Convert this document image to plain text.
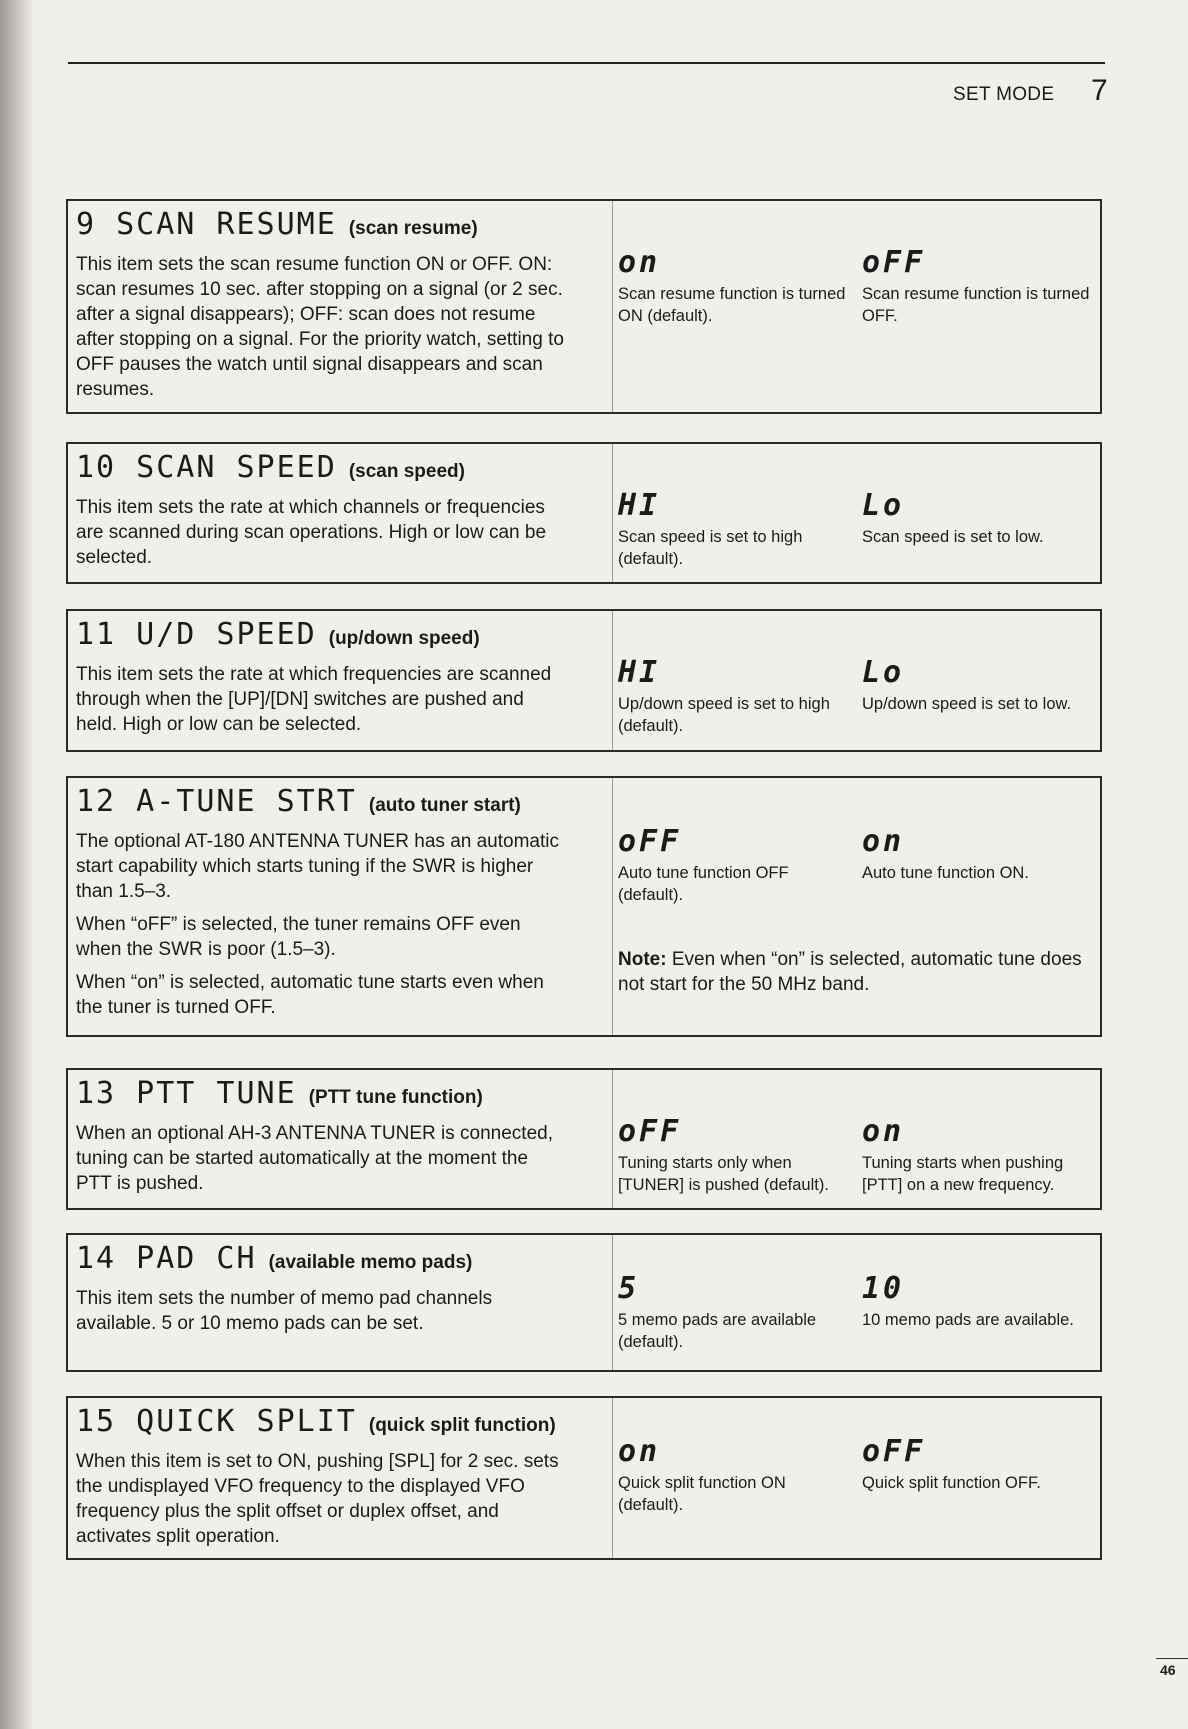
SET MODE 7
9 SCAN RESUME (scan resume)

This item sets the scan resume function ON or OFF. ON: scan resumes 10 sec. after stopping on a signal (or 2 sec. after a signal disappears); OFF: scan does not resume after stopping on a signal. For the priority watch, setting to OFF pauses the watch until signal disappears and scan resumes.

on
Scan resume function is turned ON (default).
oFF
Scan resume function is turned OFF.
10 SCAN SPEED (scan speed)

This item sets the rate at which channels or frequencies are scanned during scan operations. High or low can be selected.

HI
Scan speed is set to high (default).
Lo
Scan speed is set to low.
11 U/D SPEED (up/down speed)

This item sets the rate at which frequencies are scanned through when the [UP]/[DN] switches are pushed and held. High or low can be selected.

HI
Up/down speed is set to high (default).
Lo
Up/down speed is set to low.
12 A-TUNE STRT (auto tuner start)

The optional AT-180 ANTENNA TUNER has an automatic start capability which starts tuning if the SWR is higher than 1.5–3.

When “oFF” is selected, the tuner remains OFF even when the SWR is poor (1.5–3).

When “on” is selected, automatic tune starts even when the tuner is turned OFF.

oFF
Auto tune function OFF (default).
on
Auto tune function ON.
Note: Even when “on” is selected, automatic tune does not start for the 50 MHz band.
13 PTT TUNE (PTT tune function)

When an optional AH-3 ANTENNA TUNER is connected, tuning can be started automatically at the moment the PTT is pushed.

oFF
Tuning starts only when [TUNER] is pushed (default).
on
Tuning starts when pushing [PTT] on a new frequency.
14 PAD CH (available memo pads)

This item sets the number of memo pad channels available. 5 or 10 memo pads can be set.

5
5 memo pads are available (default).
10
10 memo pads are available.
15 QUICK SPLIT (quick split function)

When this item is set to ON, pushing [SPL] for 2 sec. sets the undisplayed VFO frequency to the displayed VFO frequency plus the split offset or duplex offset, and activates split operation.

on
Quick split function ON (default).
oFF
Quick split function OFF.
46
